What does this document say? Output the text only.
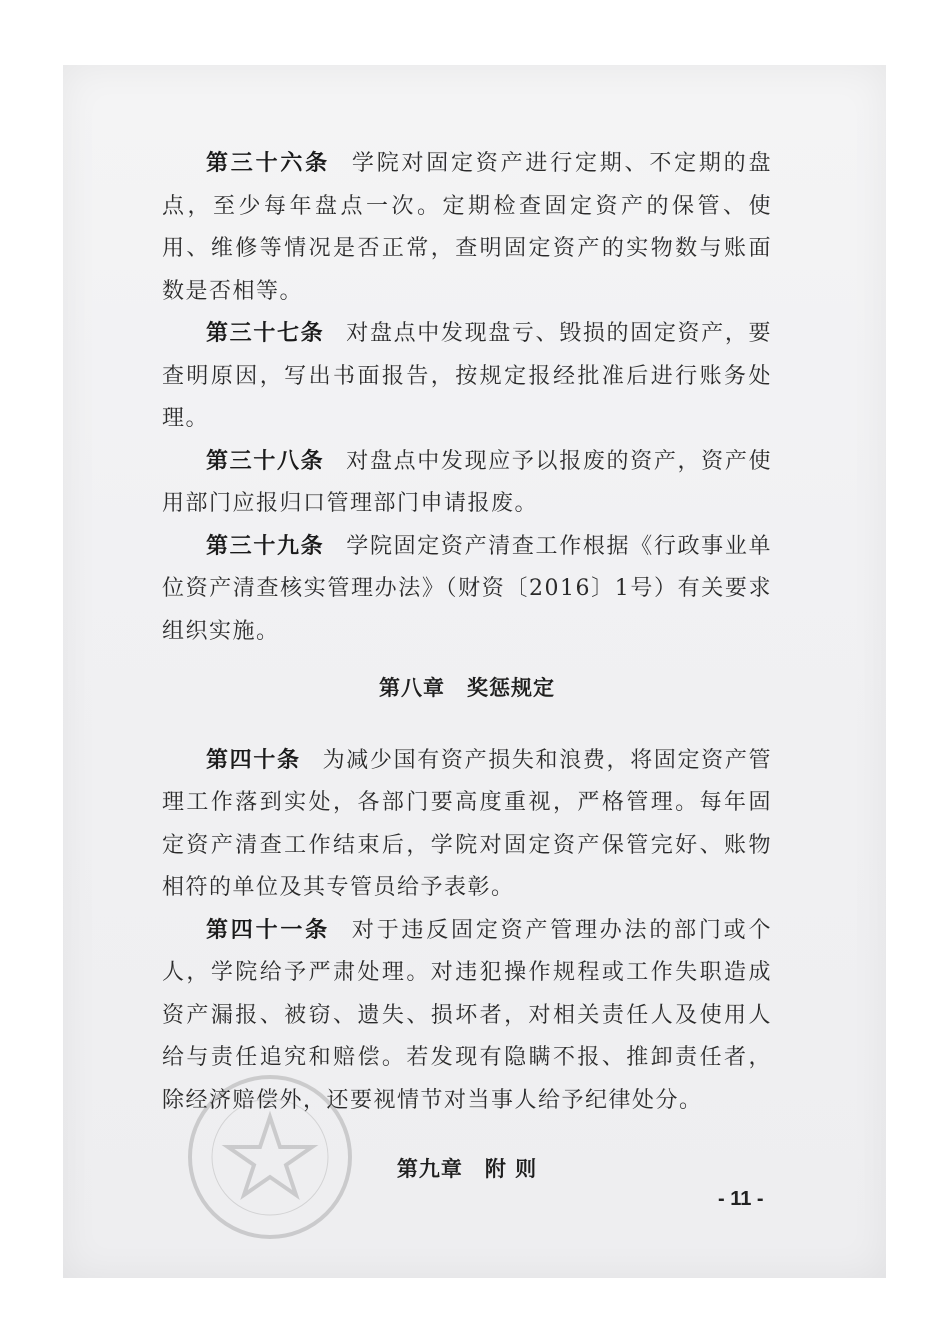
第三十六条 学院对固定资产进行定期、不定期的盘点，至少每年盘点一次。定期检查固定资产的保管、使用、维修等情况是否正常，查明固定资产的实物数与账面数是否相等。

第三十七条 对盘点中发现盘亏、毁损的固定资产，要查明原因，写出书面报告，按规定报经批准后进行账务处理。

第三十八条 对盘点中发现应予以报废的资产，资产使用部门应报归口管理部门申请报废。

第三十九条 学院固定资产清查工作根据《行政事业单位资产清查核实管理办法》（财资〔2016〕1号）有关要求组织实施。

第八章 奖惩规定

第四十条 为减少国有资产损失和浪费，将固定资产管理工作落到实处，各部门要高度重视，严格管理。每年固定资产清查工作结束后，学院对固定资产保管完好、账物相符的单位及其专管员给予表彰。

第四十一条 对于违反固定资产管理办法的部门或个人，学院给予严肃处理。对违犯操作规程或工作失职造成资产漏报、被窃、遗失、损坏者，对相关责任人及使用人给与责任追究和赔偿。若发现有隐瞒不报、推卸责任者，除经济赔偿外，还要视情节对当事人给予纪律处分。

第九章 附 则

- 11 -
